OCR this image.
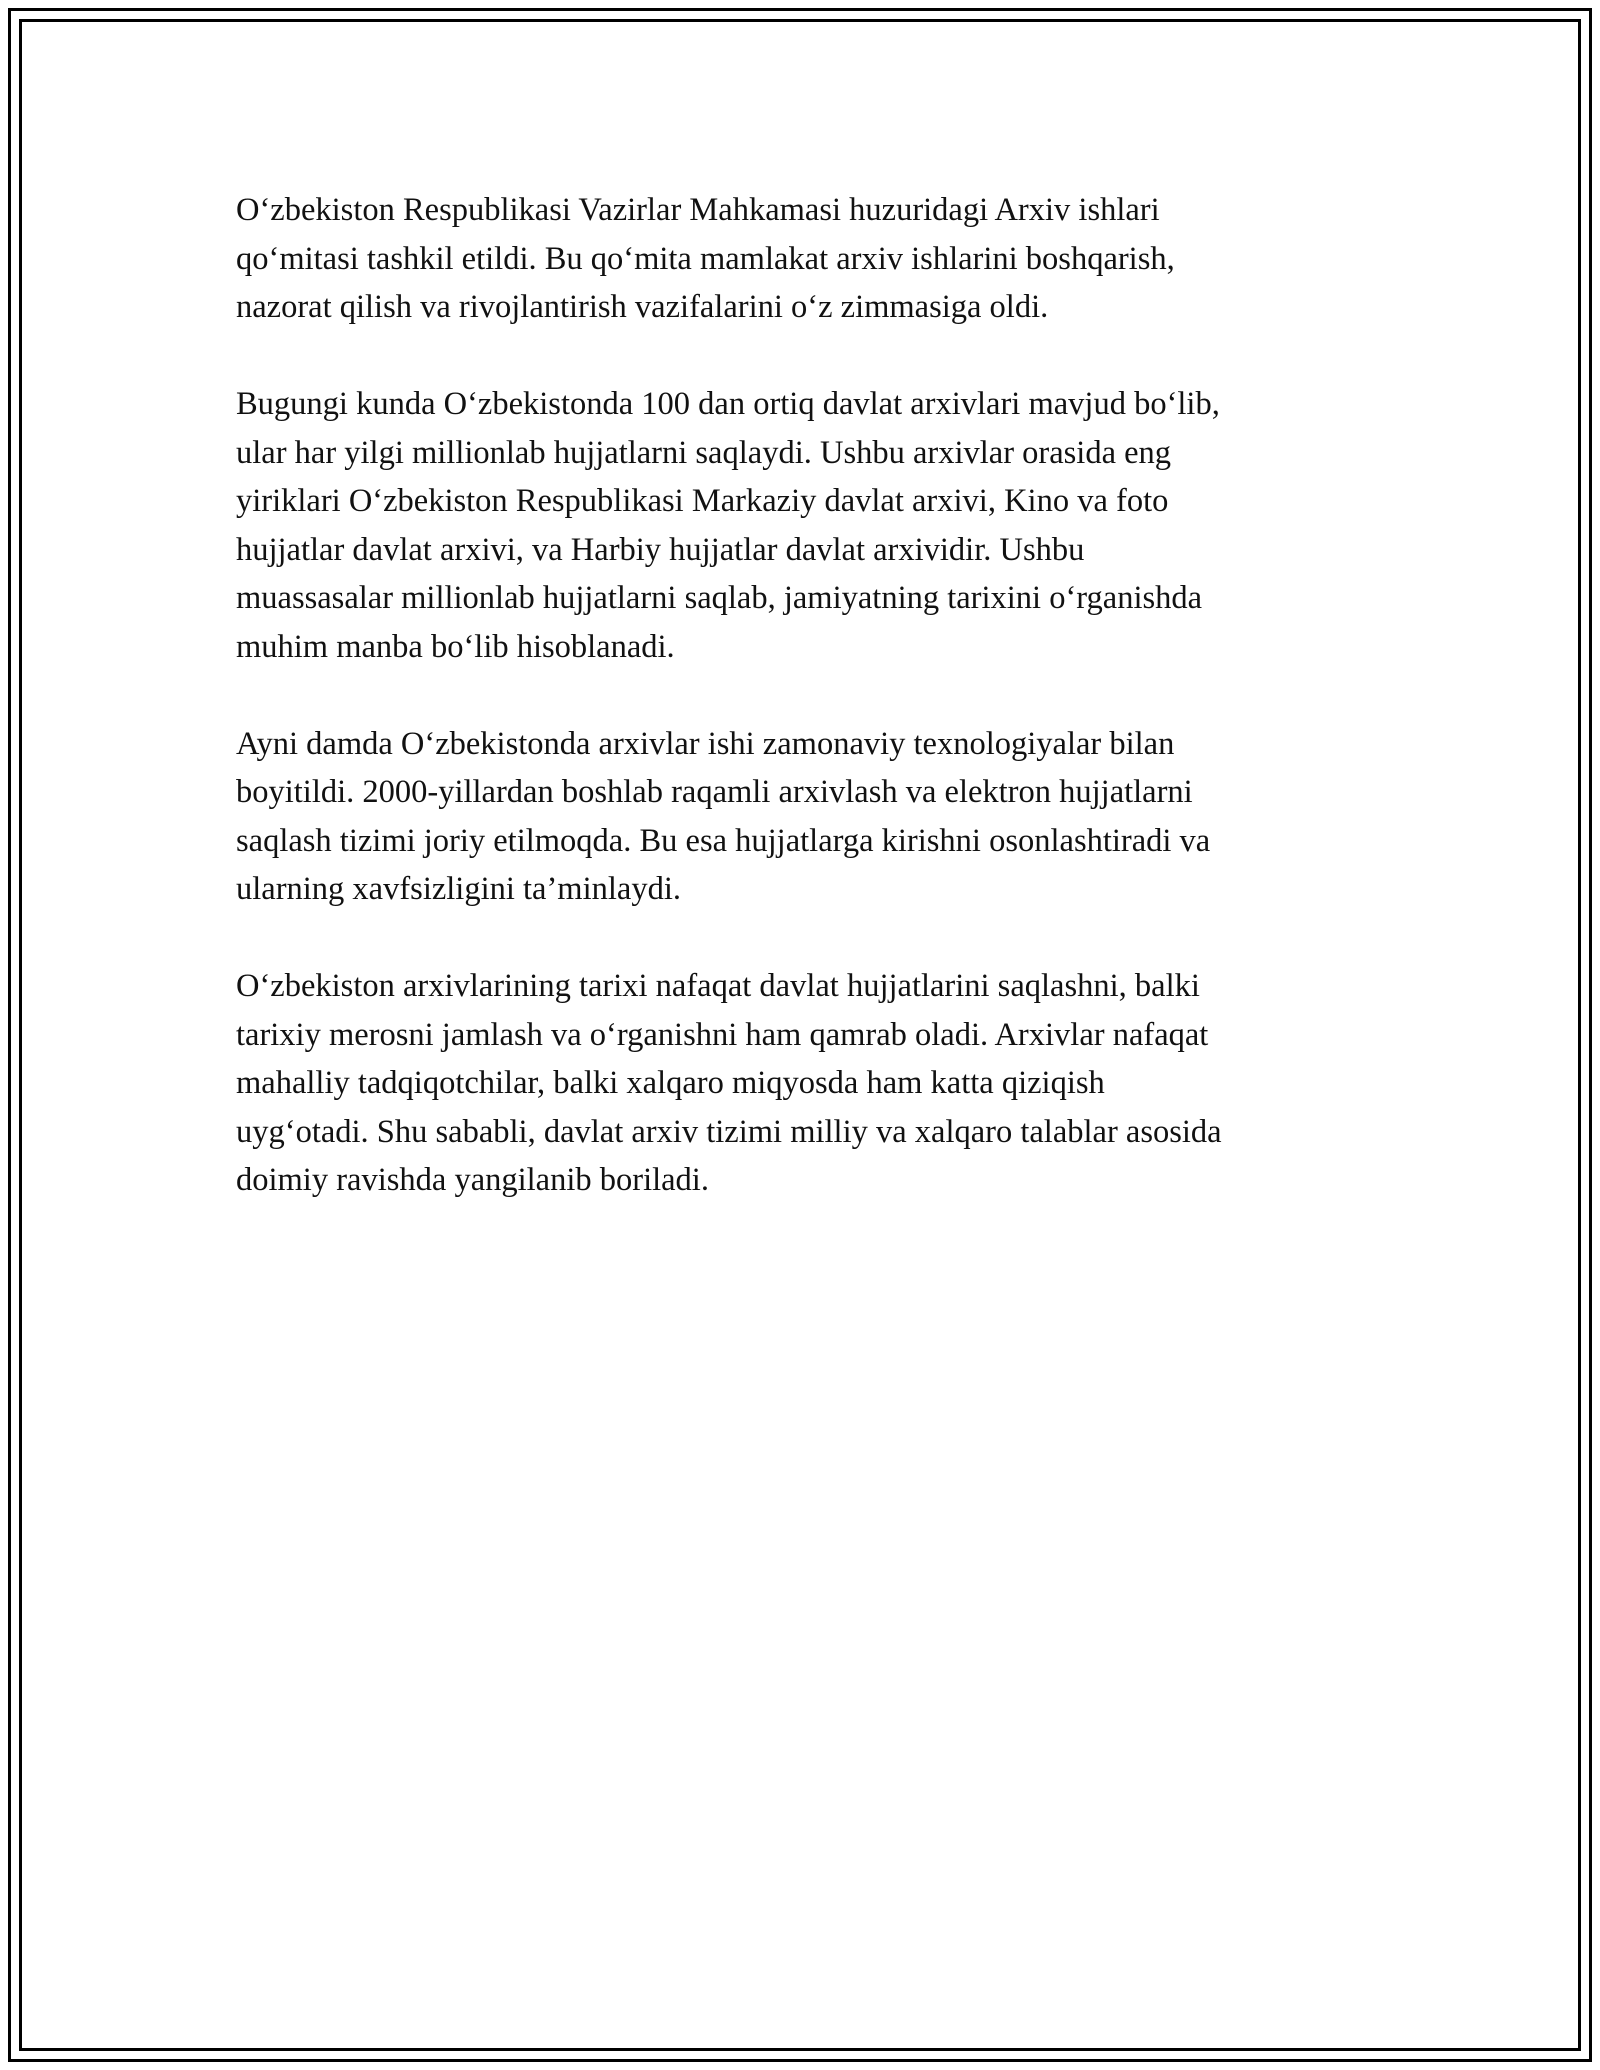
O‘zbekiston Respublikasi Vazirlar Mahkamasi huzuridagi Arxiv ishlari
qo‘mitasi tashkil etildi. Bu qo‘mita mamlakat arxiv ishlarini boshqarish,
nazorat qilish va rivojlantirish vazifalarini o‘z zimmasiga oldi.

Bugungi kunda O‘zbekistonda 100 dan ortiq davlat arxivlari mavjud bo‘lib,
ular har yilgi millionlab hujjatlarni saqlaydi. Ushbu arxivlar orasida eng
yiriklari O‘zbekiston Respublikasi Markaziy davlat arxivi, Kino va foto
hujjatlar davlat arxivi, va Harbiy hujjatlar davlat arxividir. Ushbu
muassasalar millionlab hujjatlarni saqlab, jamiyatning tarixini o‘rganishda
muhim manba bo‘lib hisoblanadi.

Ayni damda O‘zbekistonda arxivlar ishi zamonaviy texnologiyalar bilan
boyitildi. 2000-yillardan boshlab raqamli arxivlash va elektron hujjatlarni
saqlash tizimi joriy etilmoqda. Bu esa hujjatlarga kirishni osonlashtiradi va
ularning xavfsizligini ta’minlaydi.

O‘zbekiston arxivlarining tarixi nafaqat davlat hujjatlarini saqlashni, balki
tarixiy merosni jamlash va o‘rganishni ham qamrab oladi. Arxivlar nafaqat
mahalliy tadqiqotchilar, balki xalqaro miqyosda ham katta qiziqish
uyg‘otadi. Shu sababli, davlat arxiv tizimi milliy va xalqaro talablar asosida
doimiy ravishda yangilanib boriladi.
